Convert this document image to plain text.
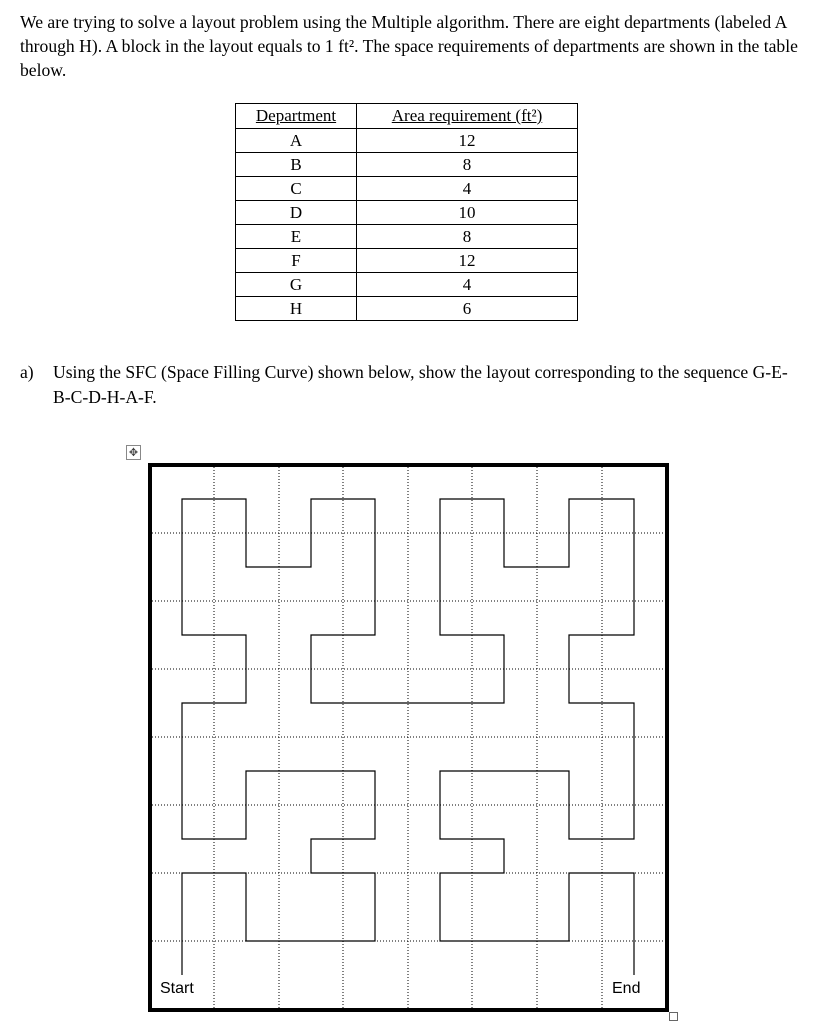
We are trying to solve a layout problem using the Multiple algorithm. There are eight departments (labeled A through H). A block in the layout equals to 1 ft². The space requirements of departments are shown in the table below.

Department	Area requirement (ft²)
A	12
B	8
C	4
D	10
E	8
F	12
G	4
H	6
a) Using the SFC (Space Filling Curve) shown below, show the layout corresponding to the sequence G-E-B-C-D-H-A-F.
✥
Start	End
